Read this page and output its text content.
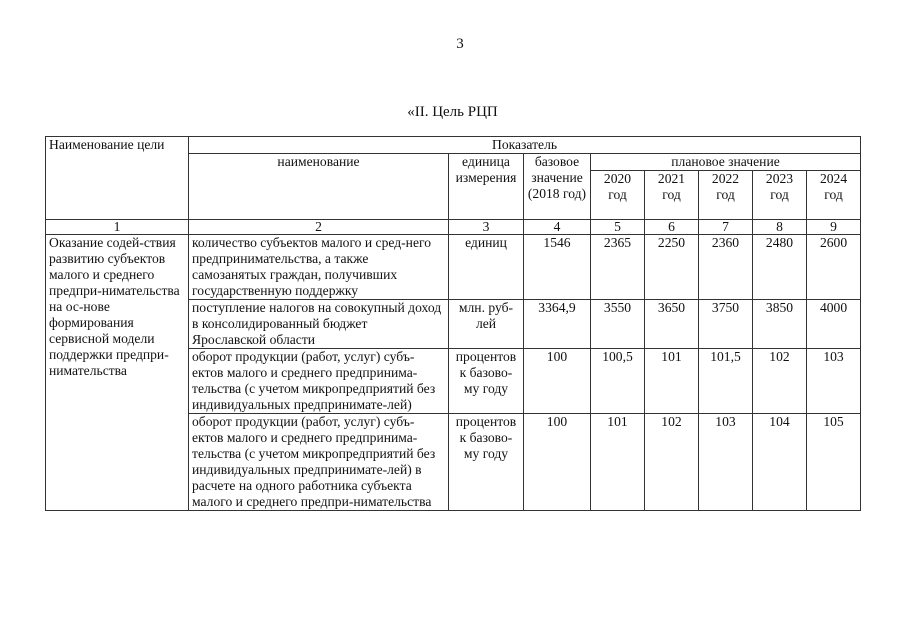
3
«II. Цель РЦП
Наименование цели	Показатель							
	наименование	единица измерения	базовое значение (2018 год)	плановое значение				
				2020 год	2021 год	2022 год	2023 год	2024 год
1	2	3	4	5	6	7	8	9
Оказание содей-ствия развитию субъектов малого и среднего предпри-нимательства на ос-нове формирования сервисной модели поддержки предпри-нимательства	количество субъектов малого и сред-него предпринимательства, а также самозанятых граждан, получивших государственную поддержку	единиц	1546	2365	2250	2360	2480	2600
	поступление налогов на совокупный доход в консолидированный бюджет Ярославской области	млн. руб-лей	3364,9	3550	3650	3750	3850	4000
	оборот продукции (работ, услуг) субъ-ектов малого и среднего предпринима-тельства (с учетом микропредприятий без индивидуальных предпринимате-лей)	процентов к базово-му году	100	100,5	101	101,5	102	103
	оборот продукции (работ, услуг) субъ-ектов малого и среднего предпринима-тельства (с учетом микропредприятий без индивидуальных предпринимате-лей) в расчете на одного работника субъекта малого и среднего предпри-нимательства	процентов к базово-му году	100	101	102	103	104	105
